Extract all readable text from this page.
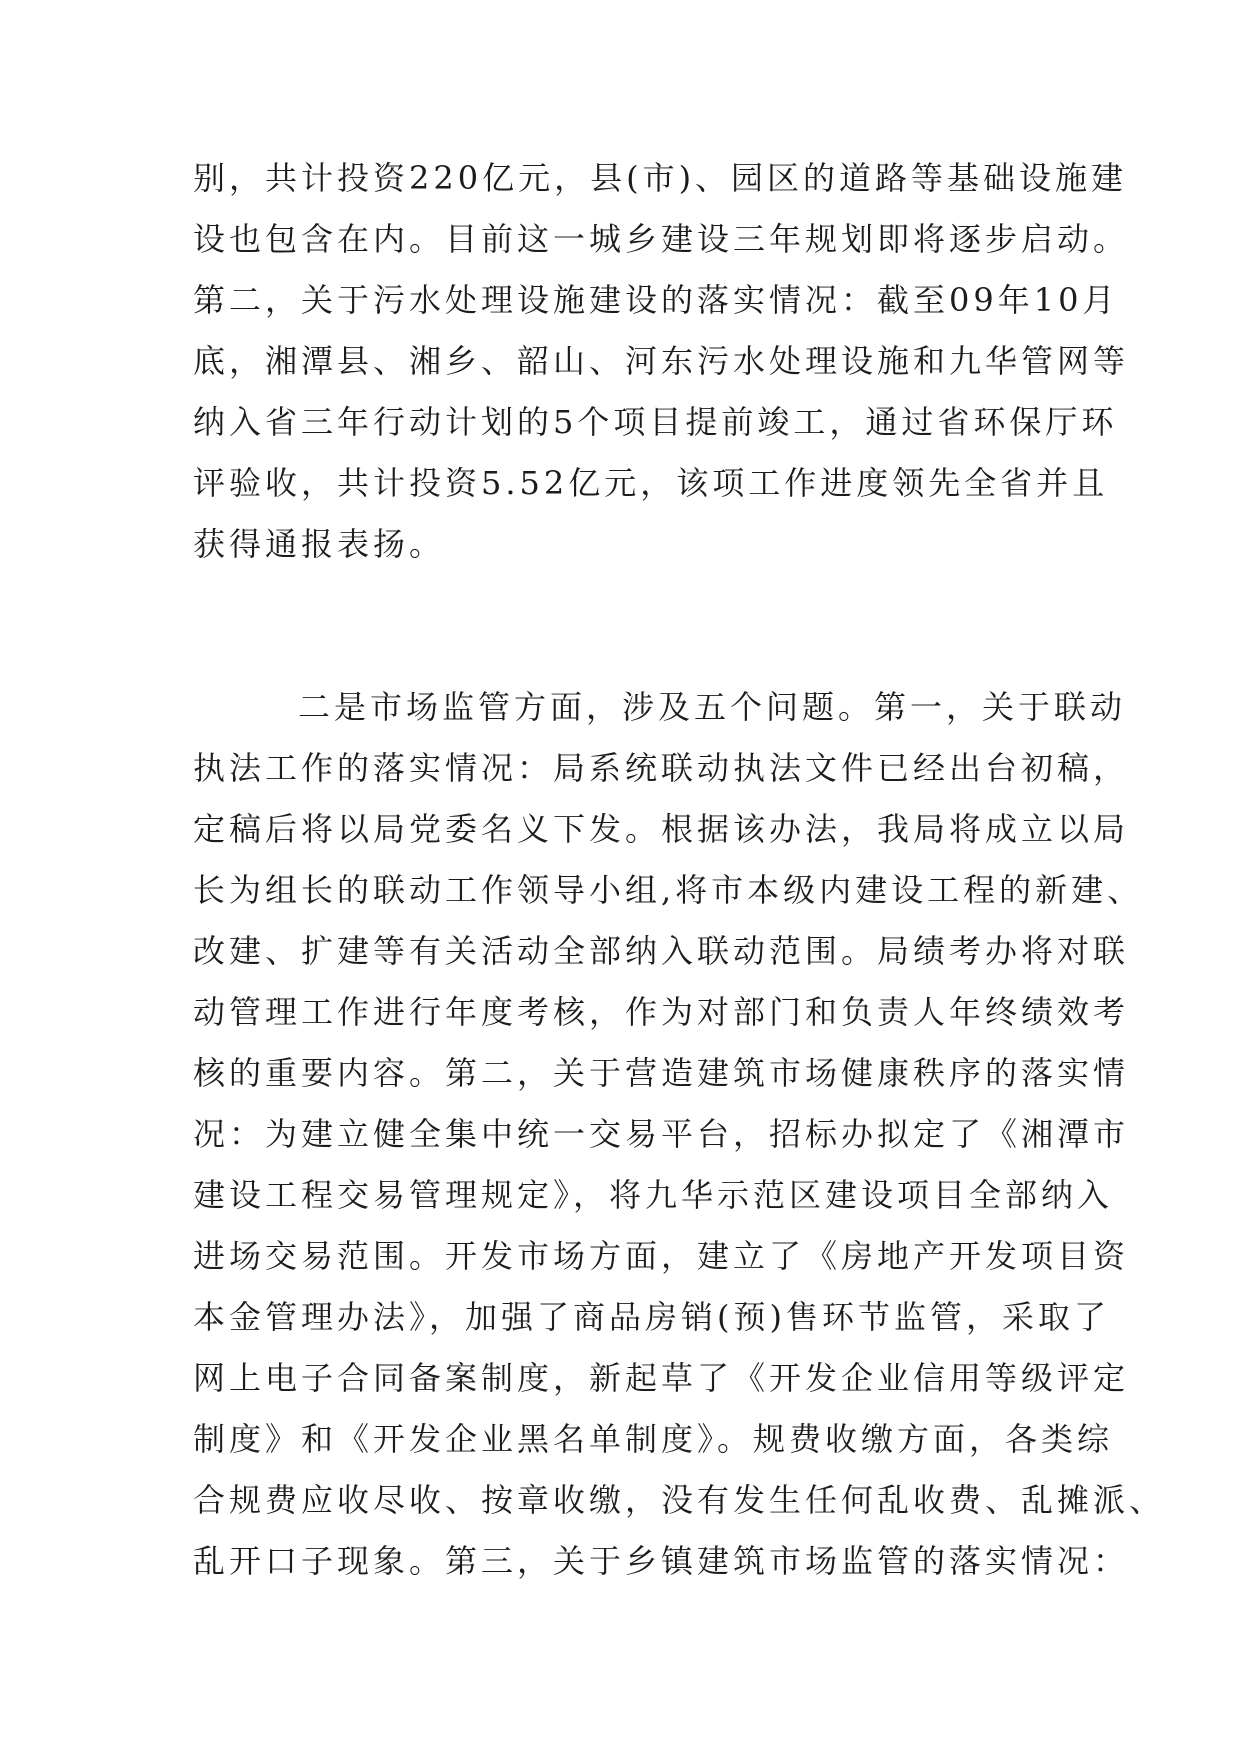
别，共计投资220亿元，县(市)、园区的道路等基础设施建
设也包含在内。目前这一城乡建设三年规划即将逐步启动。
第二，关于污水处理设施建设的落实情况：截至09年10月
底，湘潭县、湘乡、韶山、河东污水处理设施和九华管网等
纳入省三年行动计划的5个项目提前竣工，通过省环保厅环
评验收，共计投资5.52亿元，该项工作进度领先全省并且
获得通报表扬。
二是市场监管方面，涉及五个问题。第一，关于联动
执法工作的落实情况：局系统联动执法文件已经出台初稿，
定稿后将以局党委名义下发。根据该办法，我局将成立以局
长为组长的联动工作领导小组,将市本级内建设工程的新建、
改建、扩建等有关活动全部纳入联动范围。局绩考办将对联
动管理工作进行年度考核，作为对部门和负责人年终绩效考
核的重要内容。第二，关于营造建筑市场健康秩序的落实情
况：为建立健全集中统一交易平台，招标办拟定了《湘潭市
建设工程交易管理规定》，将九华示范区建设项目全部纳入
进场交易范围。开发市场方面，建立了《房地产开发项目资
本金管理办法》，加强了商品房销(预)售环节监管，采取了
网上电子合同备案制度，新起草了《开发企业信用等级评定
制度》和《开发企业黑名单制度》。规费收缴方面，各类综
合规费应收尽收、按章收缴，没有发生任何乱收费、乱摊派、
乱开口子现象。第三，关于乡镇建筑市场监管的落实情况：
